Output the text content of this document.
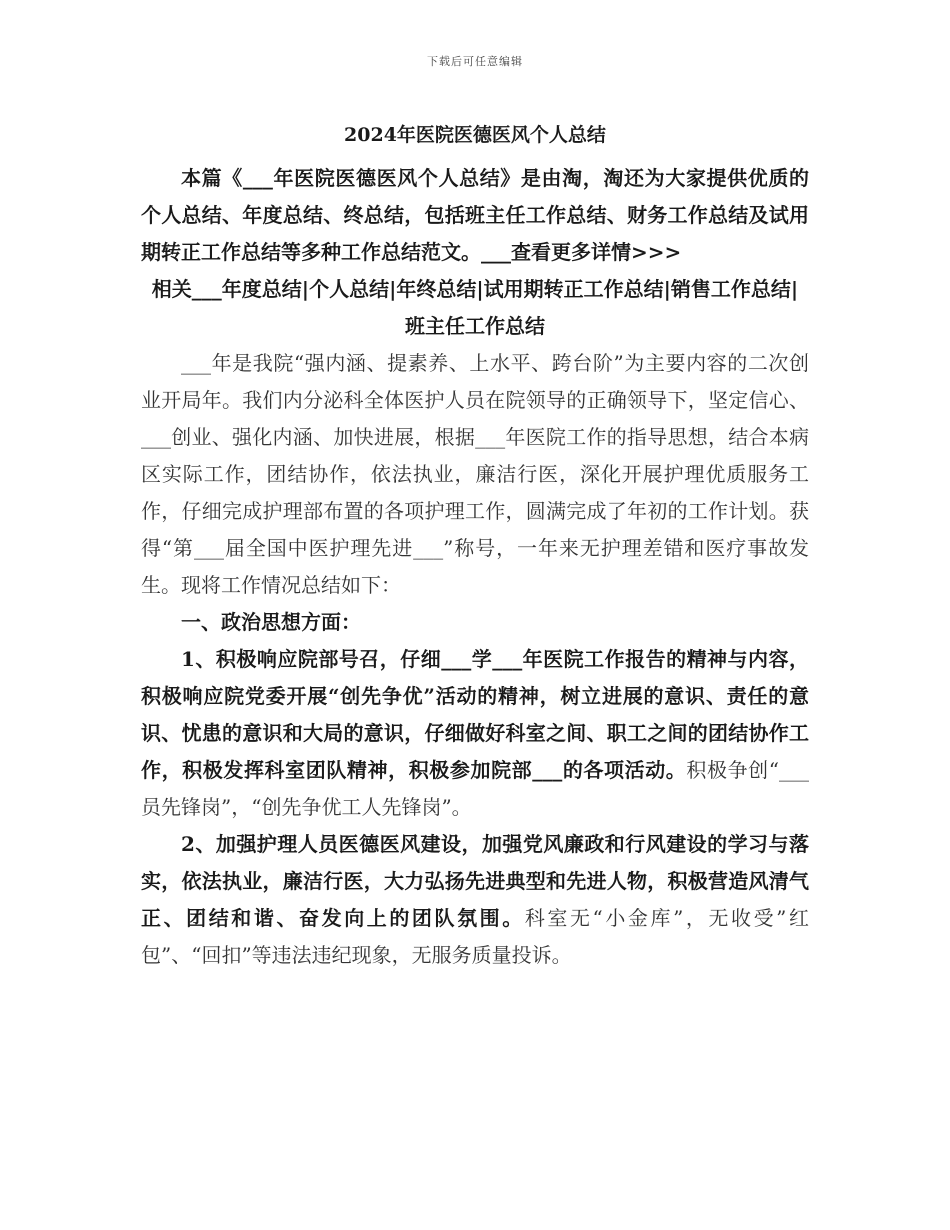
下载后可任意编辑
2024年医院医德医风个人总结

本篇《___年医院医德医风个人总结》是由淘，淘还为大家提供优质的个人总结、年度总结、终总结，包括班主任工作总结、财务工作总结及试用期转正工作总结等多种工作总结范文。___查看更多详情>>>

相关___年度总结|个人总结|年终总结|试用期转正工作总结|销售工作总结|班主任工作总结

___年是我院“强内涵、提素养、上水平、跨台阶”为主要内容的二次创业开局年。我们内分泌科全体医护人员在院领导的正确领导下，坚定信心、___创业、强化内涵、加快进展，根据___年医院工作的指导思想，结合本病区实际工作，团结协作，依法执业，廉洁行医，深化开展护理优质服务工作，仔细完成护理部布置的各项护理工作，圆满完成了年初的工作计划。获得“第___届全国中医护理先进___”称号，一年来无护理差错和医疗事故发生。现将工作情况总结如下：

一、政治思想方面：

1、积极响应院部号召，仔细___学___年医院工作报告的精神与内容，积极响应院党委开展“创先争优”活动的精神，树立进展的意识、责任的意识、忧患的意识和大局的意识，仔细做好科室之间、职工之间的团结协作工作，积极发挥科室团队精神，积极参加院部___的各项活动。积极争创“___员先锋岗”，“创先争优工人先锋岗”。

2、加强护理人员医德医风建设，加强党风廉政和行风建设的学习与落实，依法执业，廉洁行医，大力弘扬先进典型和先进人物，积极营造风清气正、团结和谐、奋发向上的团队氛围。科室无“小金库”，无收受”红包”、“回扣”等违法违纪现象，无服务质量投诉。
